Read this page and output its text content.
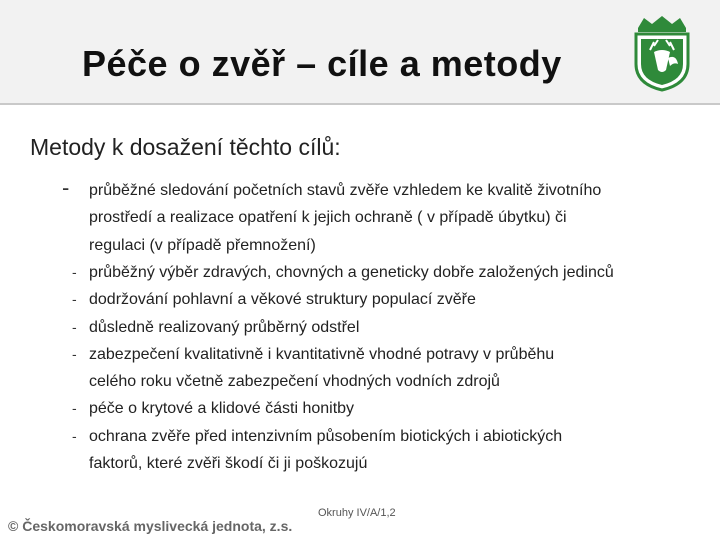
Péče o zvěř – cíle a metody
Metody k dosažení těchto cílů:
- průběžné sledování početních stavů zvěře vzhledem ke kvalitě životního
prostředí a realizace opatření k jejich ochraně ( v případě úbytku) či
regulaci (v případě přemnožení)
- průběžný výběr zdravých, chovných a geneticky dobře založených jedinců
- dodržování pohlavní a věkové struktury populací zvěře
- důsledně realizovaný průběrný odstřel
- zabezpečení kvalitativně i kvantitativně vhodné potravy v průběhu
celého roku včetně zabezpečení vhodných vodních zdrojů
- péče o krytové a klidové části honitby
- ochrana zvěře před intenzivním působením biotických i abiotických
faktorů, které zvěři škodí či ji poškozujú
Okruhy IV/A/1,2
© Českomoravská myslivecká jednota, z.s.
